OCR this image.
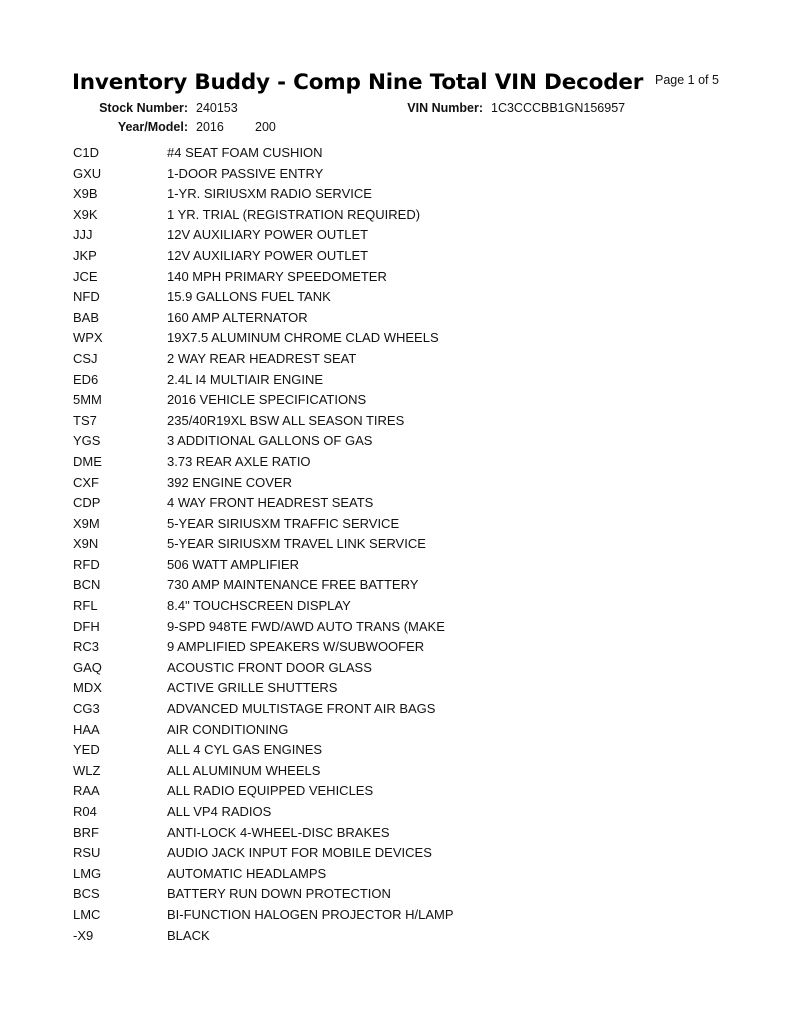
Inventory Buddy - Comp Nine Total VIN Decoder Page 1 of 5
Stock Number: 240153	VIN Number: 1C3CCCBB1GN156957
Year/Model: 2016 200
C1D	#4 SEAT FOAM CUSHION
GXU	1-DOOR PASSIVE ENTRY
X9B	1-YR. SIRIUSXM RADIO SERVICE
X9K	1 YR. TRIAL (REGISTRATION REQUIRED)
JJJ	12V AUXILIARY POWER OUTLET
JKP	12V AUXILIARY POWER OUTLET
JCE	140 MPH PRIMARY SPEEDOMETER
NFD	15.9 GALLONS FUEL TANK
BAB	160 AMP ALTERNATOR
WPX	19X7.5 ALUMINUM CHROME CLAD WHEELS
CSJ	2 WAY REAR HEADREST SEAT
ED6	2.4L I4 MULTIAIR ENGINE
5MM	2016 VEHICLE SPECIFICATIONS
TS7	235/40R19XL BSW ALL SEASON TIRES
YGS	3 ADDITIONAL GALLONS OF GAS
DME	3.73 REAR AXLE RATIO
CXF	392 ENGINE COVER
CDP	4 WAY FRONT HEADREST SEATS
X9M	5-YEAR SIRIUSXM TRAFFIC SERVICE
X9N	5-YEAR SIRIUSXM TRAVEL LINK SERVICE
RFD	506 WATT AMPLIFIER
BCN	730 AMP MAINTENANCE FREE BATTERY
RFL	8.4" TOUCHSCREEN DISPLAY
DFH	9-SPD 948TE FWD/AWD AUTO TRANS (MAKE
RC3	9 AMPLIFIED SPEAKERS W/SUBWOOFER
GAQ	ACOUSTIC FRONT DOOR GLASS
MDX	ACTIVE GRILLE SHUTTERS
CG3	ADVANCED MULTISTAGE FRONT AIR BAGS
HAA	AIR CONDITIONING
YED	ALL 4 CYL GAS ENGINES
WLZ	ALL ALUMINUM WHEELS
RAA	ALL RADIO EQUIPPED VEHICLES
R04	ALL VP4 RADIOS
BRF	ANTI-LOCK 4-WHEEL-DISC BRAKES
RSU	AUDIO JACK INPUT FOR MOBILE DEVICES
LMG	AUTOMATIC HEADLAMPS
BCS	BATTERY RUN DOWN PROTECTION
LMC	BI-FUNCTION HALOGEN PROJECTOR H/LAMP
-X9	BLACK
